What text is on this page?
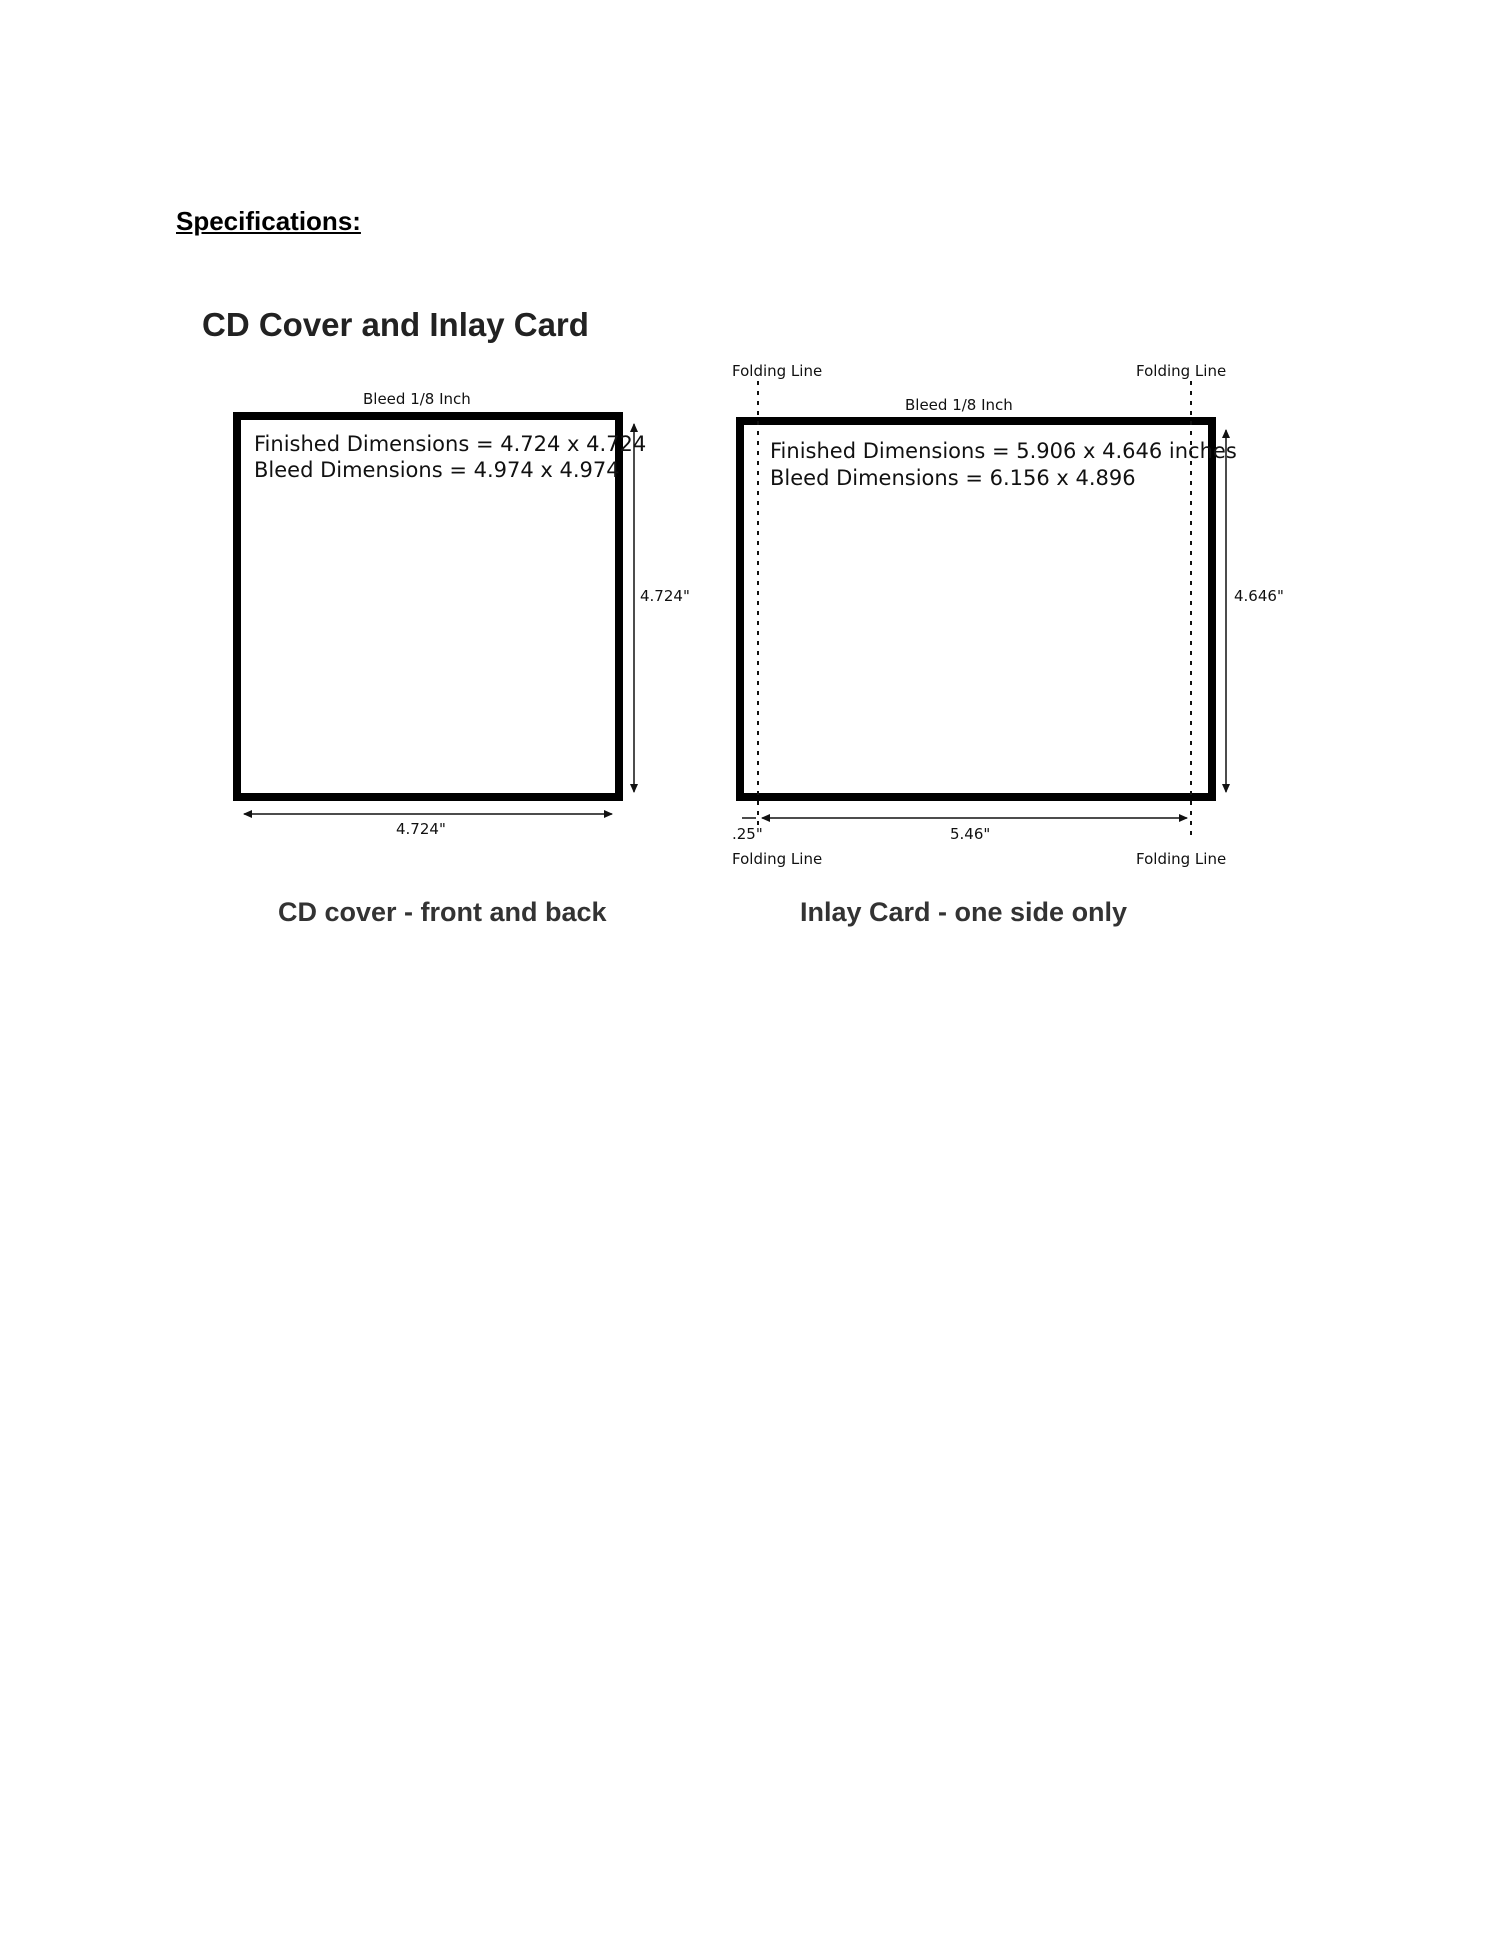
Specifications:
CD Cover and Inlay Card
Bleed 1/8 Inch
Finished Dimensions = 4.724 x 4.724
Bleed Dimensions = 4.974 x 4.974
4.724"
4.724"
Folding Line	Folding Line
Bleed 1/8 Inch
Finished Dimensions = 5.906 x 4.646 inches
Bleed Dimensions = 6.156 x 4.896
4.646"
.25"	5.46"
Folding Line	Folding Line

CD cover - front and back	Inlay Card - one side only
